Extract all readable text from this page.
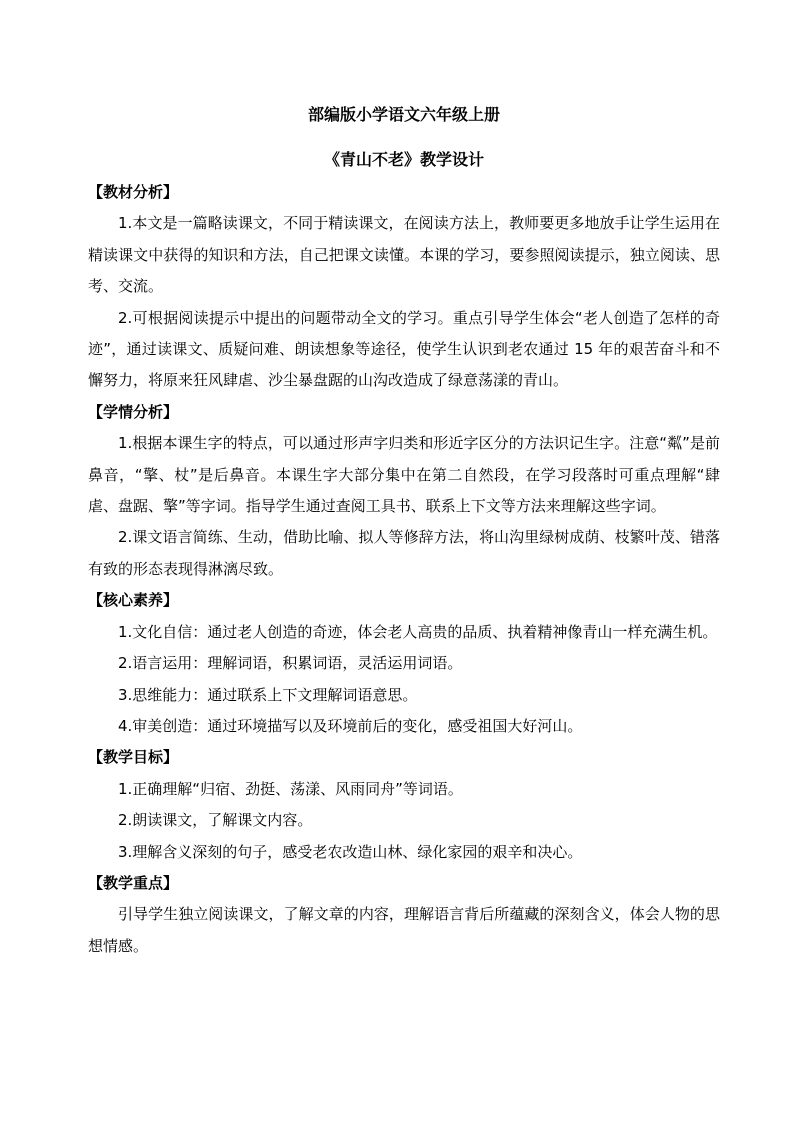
部编版小学语文六年级上册
《青山不老》教学设计

【教材分析】

1.本文是一篇略读课文，不同于精读课文，在阅读方法上，教师要更多地放手让学生运用在精读课文中获得的知识和方法，自己把课文读懂。本课的学习，要参照阅读提示，独立阅读、思考、交流。

2.可根据阅读提示中提出的问题带动全文的学习。重点引导学生体会“老人创造了怎样的奇迹”，通过读课文、质疑问难、朗读想象等途径，使学生认识到老农通过 15 年的艰苦奋斗和不懈努力，将原来狂风肆虐、沙尘暴盘踞的山沟改造成了绿意荡漾的青山。

【学情分析】

1.根据本课生字的特点，可以通过形声字归类和形近字区分的方法识记生字。注意“粼”是前鼻音，“擎、杖”是后鼻音。本课生字大部分集中在第二自然段，在学习段落时可重点理解“肆虐、盘踞、擎”等字词。指导学生通过查阅工具书、联系上下文等方法来理解这些字词。

2.课文语言简练、生动，借助比喻、拟人等修辞方法，将山沟里绿树成荫、枝繁叶茂、错落有致的形态表现得淋漓尽致。

【核心素养】

1.文化自信：通过老人创造的奇迹，体会老人高贵的品质、执着精神像青山一样充满生机。

2.语言运用：理解词语，积累词语，灵活运用词语。

3.思维能力：通过联系上下文理解词语意思。

4.审美创造：通过环境描写以及环境前后的变化，感受祖国大好河山。

【教学目标】

1.正确理解“归宿、劲挺、荡漾、风雨同舟”等词语。

2.朗读课文，了解课文内容。

3.理解含义深刻的句子，感受老农改造山林、绿化家园的艰辛和决心。

【教学重点】

引导学生独立阅读课文，了解文章的内容，理解语言背后所蕴藏的深刻含义，体会人物的思想情感。
